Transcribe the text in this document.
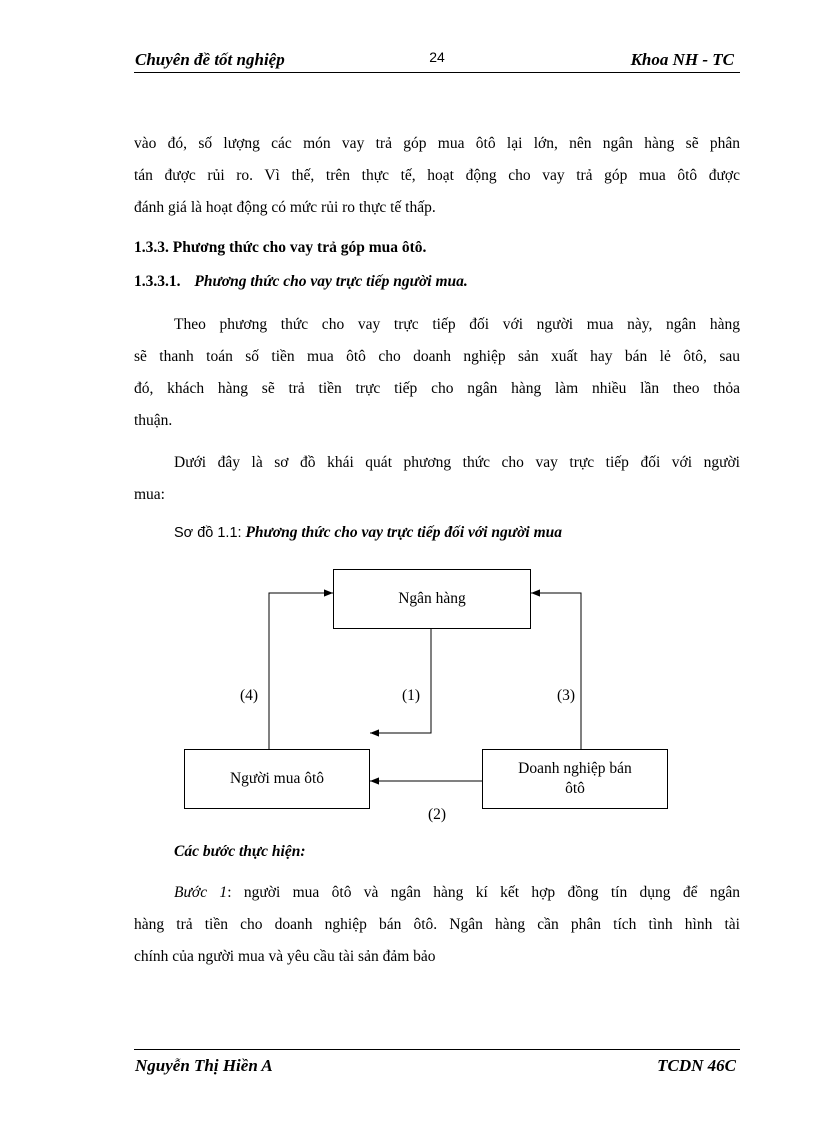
Chuyên đề tốt nghiệp	24	Khoa NH - TC
vào đó, số lượng các món vay trả góp mua ôtô lại lớn, nên ngân hàng sẽ phân
tán được rủi ro. Vì thế, trên thực tế, hoạt động cho vay trả góp mua ôtô được
đánh giá là hoạt động có mức rủi ro thực tế thấp.
1.3.3. Phương thức cho vay trả góp mua ôtô.
1.3.3.1. Phương thức cho vay trực tiếp người mua.
Theo phương thức cho vay trực tiếp đối với người mua này, ngân hàng
sẽ thanh toán số tiền mua ôtô cho doanh nghiệp sản xuất hay bán lẻ ôtô, sau
đó, khách hàng sẽ trả tiền trực tiếp cho ngân hàng làm nhiều lần theo thỏa
thuận.
Dưới đây là sơ đồ khái quát phương thức cho vay trực tiếp đối với người
mua:
Sơ đồ 1.1: Phương thức cho vay trực tiếp đối với người mua
Ngân hàng
Người mua ôtô
Doanh nghiệp bán
ôtô
(1)
(2)
(3)
(4)
Các bước thực hiện:
Bước 1: người mua ôtô và ngân hàng kí kết hợp đồng tín dụng để ngân
hàng trả tiền cho doanh nghiệp bán ôtô. Ngân hàng cần phân tích tình hình tài
chính của người mua và yêu cầu tài sản đảm bảo
Nguyễn Thị Hiền A	TCDN 46C
